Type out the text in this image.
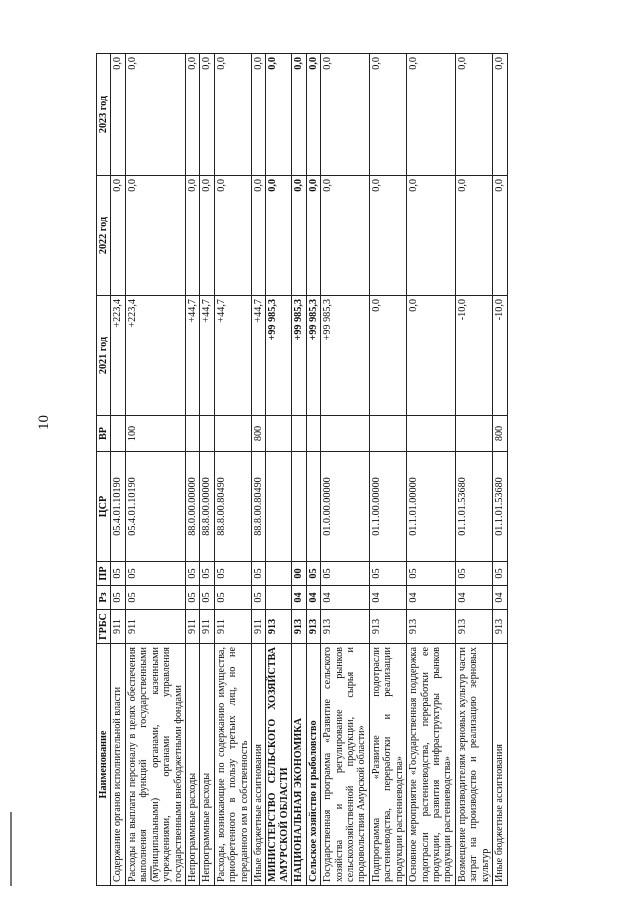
10
Наименование	ГРБС	Рз	ПР	ЦСР	ВР	2021 год	2022 год	2023 год
Содержание органов исполнительной власти	911	05	05	05.4.01.10190		+223,4	0,0	0,0
Расходы на выплаты персоналу в целях обеспечения выполнения функций государственными (муниципальными) органами, казенными учреждениями, органами управления государственными внебюджетными фондами	911	05	05	05.4.01.10190	100	+223,4	0,0	0,0
Непрограммные расходы	911	05	05	88.0.00.00000		+44,7	0,0	0,0
Непрограммные расходы	911	05	05	88.8.00.00000		+44,7	0,0	0,0
Расходы, возникающие по содержанию имущества, приобретенного в пользу третьих лиц, но не переданного им в собственность	911	05	05	88.8.00.80490		+44,7	0,0	0,0
Иные бюджетные ассигнования	911	05	05	88.8.00.80490	800	+44,7	0,0	0,0
МИНИСТЕРСТВО СЕЛЬСКОГО ХОЗЯЙСТВА АМУРСКОЙ ОБЛАСТИ	913					+99 985,3	0,0	0,0
НАЦИОНАЛЬНАЯ ЭКОНОМИКА	913	04	00			+99 985,3	0,0	0,0
Сельское хозяйство и рыболовство	913	04	05			+99 985,3	0,0	0,0
Государственная программа «Развитие сельского хозяйства и регулирование рынков сельскохозяйственной продукции, сырья и продовольствия Амурской области»	913	04	05	01.0.00.00000		+99 985,3	0,0	0,0
Подпрограмма «Развитие подотрасли растениеводства, переработки и реализации продукции растениеводства»	913	04	05	01.1.00.00000		0,0	0,0	0,0
Основное мероприятие «Государственная поддержка подотрасли растениеводства, переработки ее продукции, развития инфраструктуры рынков продукции растениеводства»	913	04	05	01.1.01.00000		0,0	0,0	0,0
Возмещение производителям зерновых культур части затрат на производство и реализацию зерновых культур	913	04	05	01.1.01.53680		-10,0	0,0	0,0
Иные бюджетные ассигнования	913	04	05	01.1.01.53680	800	-10,0	0,0	0,0
